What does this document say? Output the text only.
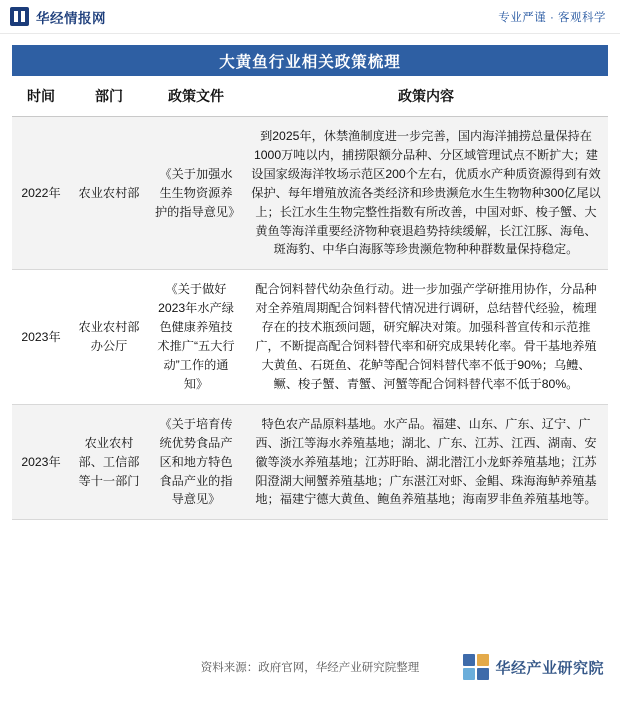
华经情报网	专业严谨 · 客观科学
大黄鱼行业相关政策梳理
时间	部门	政策文件	政策内容
2022年	农业农村部	《关于加强水生生物资源养护的指导意见》	到2025年，休禁渔制度进一步完善，国内海洋捕捞总量保持在1000万吨以内，捕捞限额分品种、分区域管理试点不断扩大；建设国家级海洋牧场示范区200个左右，优质水产种质资源得到有效保护、每年增殖放流各类经济和珍贵濒危水生生物物种300亿尾以上；长江水生生物完整性指数有所改善，中国对虾、梭子蟹、大黄鱼等海洋重要经济物种衰退趋势持续缓解，长江江豚、海龟、斑海豹、中华白海豚等珍贵濒危物种种群数量保持稳定。
2023年	农业农村部办公厅	《关于做好2023年水产绿色健康养殖技术推广“五大行动”工作的通知》	配合饲料替代幼杂鱼行动。进一步加强产学研推用协作，分品种对全养殖周期配合饲料替代情况进行调研，总结替代经验，梳理存在的技术瓶颈问题，研究解决对策。加强科普宣传和示范推广，不断提高配合饲料替代率和研究成果转化率。骨干基地养殖大黄鱼、石斑鱼、花鲈等配合饲料替代率不低于90%；乌鳢、鳜、梭子蟹、青蟹、河蟹等配合饲料替代率不低于80%。
2023年	农业农村部、工信部等十一部门	《关于培育传统优势食品产区和地方特色食品产业的指导意见》	特色农产品原料基地。水产品。福建、山东、广东、辽宁、广西、浙江等海水养殖基地；湖北、广东、江苏、江西、湖南、安徽等淡水养殖基地；江苏盱眙、湖北潜江小龙虾养殖基地；江苏阳澄湖大闸蟹养殖基地；广东湛江对虾、金鲳、珠海海鲈养殖基地；福建宁德大黄鱼、鲍鱼养殖基地；海南罗非鱼养殖基地等。
资料来源：政府官网，华经产业研究院整理	华经产业研究院
